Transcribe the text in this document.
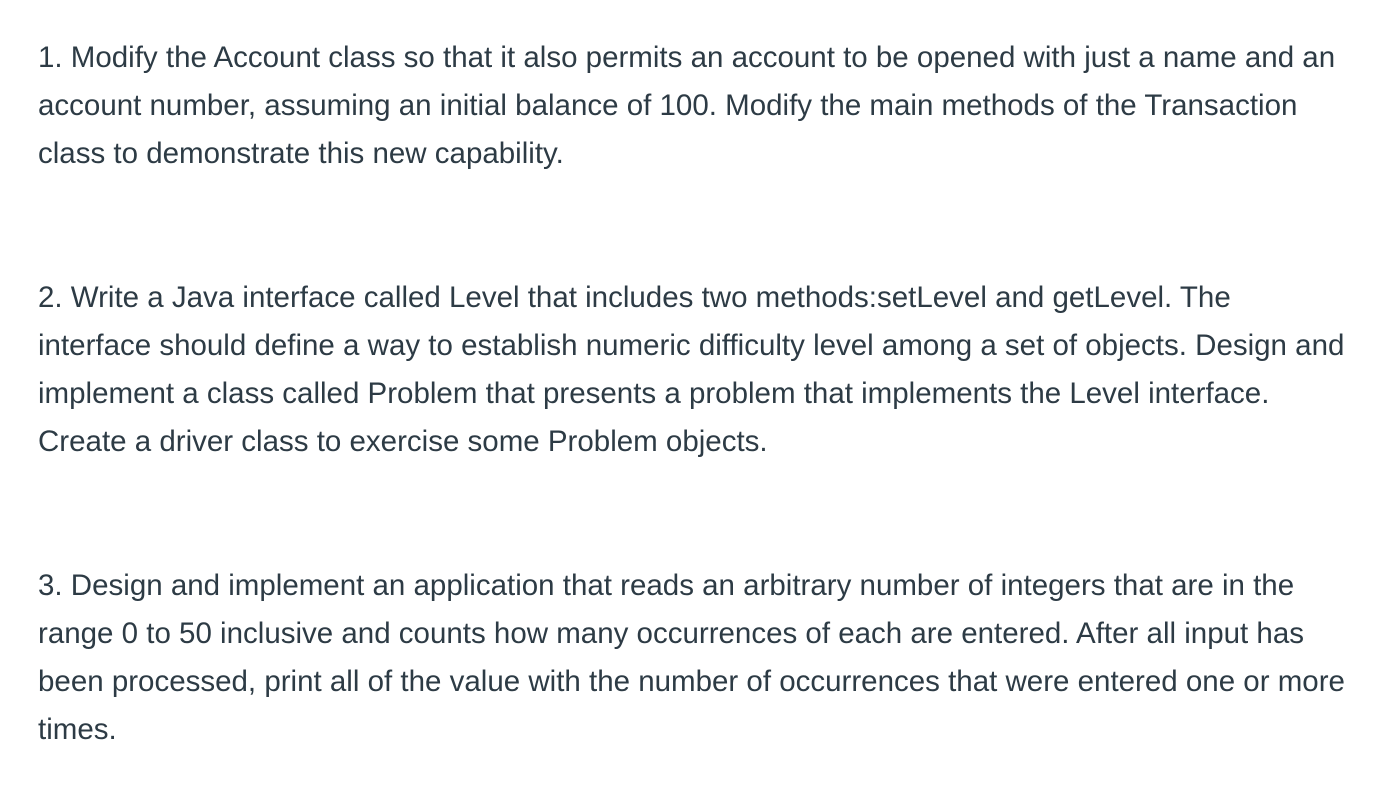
1. Modify the Account class so that it also permits an account to be opened with just a name and an account number, assuming an initial balance of 100. Modify the main methods of the Transaction class to demonstrate this new capability.

2. Write a Java interface called Level that includes two methods:setLevel and getLevel. The interface should define a way to establish numeric difficulty level among a set of objects. Design and implement a class called Problem that presents a problem that implements the Level interface. Create a driver class to exercise some Problem objects.

3. Design and implement an application that reads an arbitrary number of integers that are in the range 0 to 50 inclusive and counts how many occurrences of each are entered. After all input has been processed, print all of the value with the number of occurrences that were entered one or more times.
